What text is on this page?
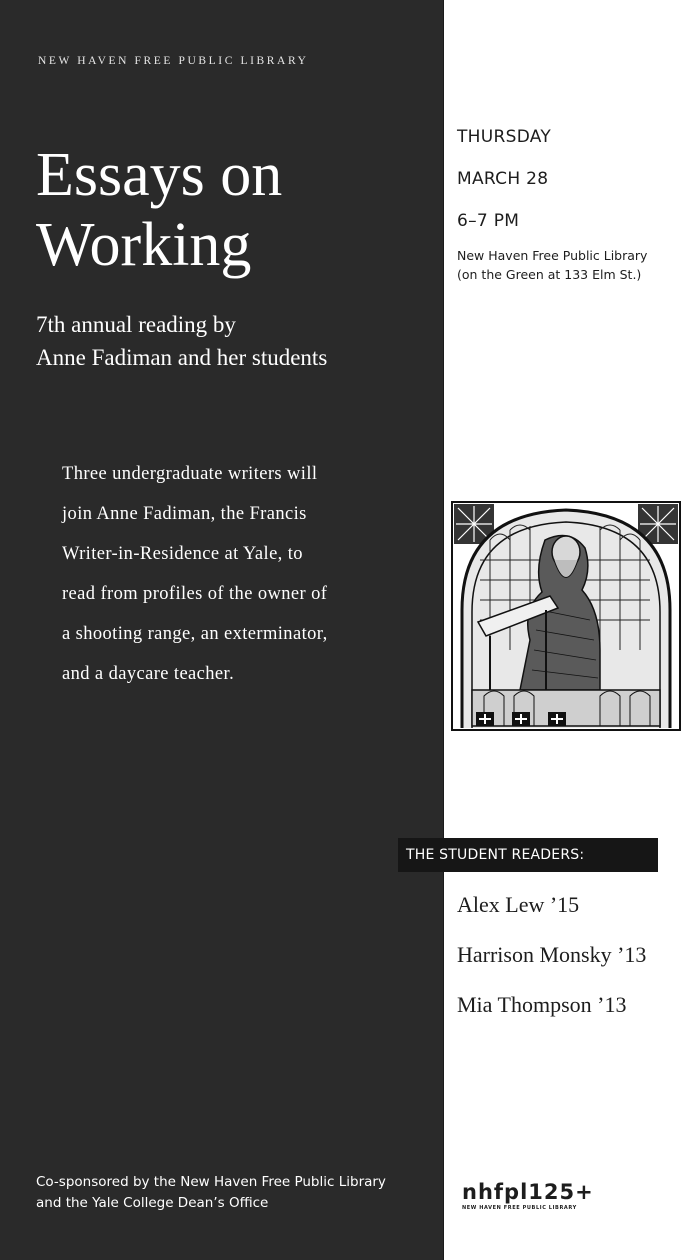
NEW HAVEN FREE PUBLIC LIBRARY
Essays on
Working
7th annual reading by
Anne Fadiman and her students
Three undergraduate writers will
join Anne Fadiman, the Francis
Writer-in-Residence at Yale, to
read from profiles of the owner of
a shooting range, an exterminator,
and a daycare teacher.
THURSDAY
MARCH 28
6–7 PM
New Haven Free Public Library
(on the Green at 133 Elm St.)
THE STUDENT READERS:
Alex Lew ’15
Harrison Monsky ’13
Mia Thompson ’13
Co-sponsored by the New Haven Free Public Library
and the Yale College Dean’s Office	nhfpl125+
NEW HAVEN FREE PUBLIC LIBRARY
